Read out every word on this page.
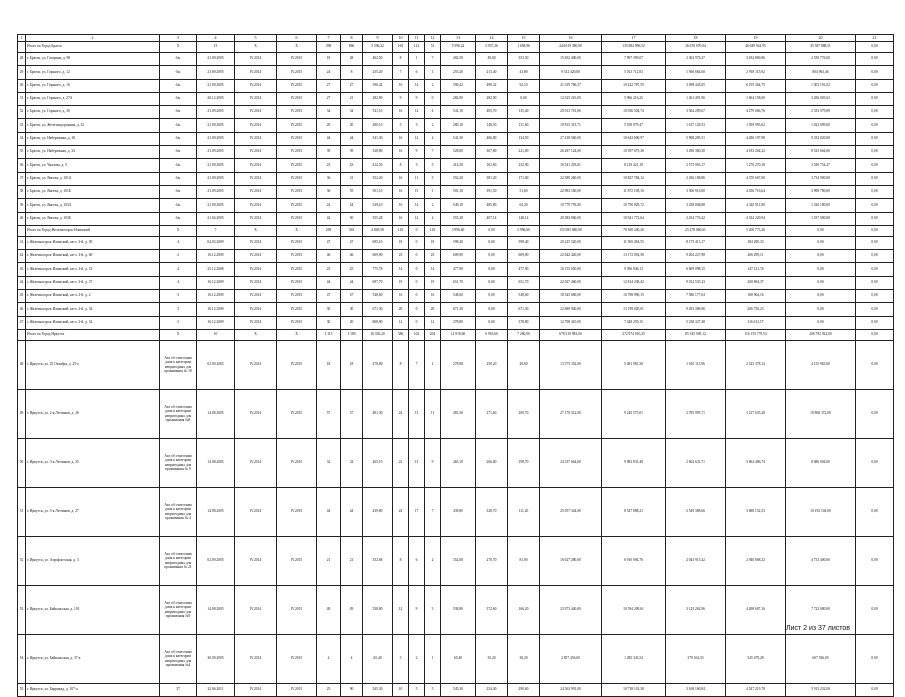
1	2	3	4	5	6	7	8	9	10	11	12	13	14	15	16	17	18	19	20	21
	Итого по Город Братск	X	13	X	X	398	866	5 596,22	165	112	51	5 596,22	3 937,26	1 658,96	244 619 380,00	135 884 996,52	36 676 670,04	46 649 924,95	45 387 888,51	0,00
28	г. Братск, ул. Гагарина, д. 98	б/н	21.09.2005	IV.2014	IV.2015	18	28	402,50	8	1	7	402,50	49,00	353,50	15 652 400,00	7 997 399,07	2 302 976,37	3 182 869,86	2 539 776,00	0,00
29	г. Братск, ул. Горького, д. 12	б/н	21.09.2005	IV.2014	IV.2015	24	8	255,20	7	6	1	255,20	213,40	41,80	9 312 420,00	5 013 712,03	1 566 664,60	2 918 115,92	804 963,46	0,00
30	г. Братск, ул. Горького, д. 16	б/н	21.09.2005	IV.2014	IV.2015	27	27	590,42	16	14	2	590,42	498,32	92,10	21 019 786,37	10 422 787,55	3 098 443,05	6 195 364,75	1 303 191,02	0,00
31	г. Братск, ул. Горького, д. 27А	б/н	20.12.2005	IV.2014	IV.2015	27	21	282,90	9	9	0	282,90	282,90	0,00	12 325 216,00	5 966 216,25	1 261 491,96	1 664 158,69	3 456 003,63	0,00
32	г. Братск, ул. Горького, д. 30	б/н	21.09.2005	IV.2014	IV.2015	34	34	541,10	16	12	4	541,10	405,70	135,40	20 013 761,06	10 036 504,74	3 364 209,67	4 279 066,76	2 333 979,89	0,00
33	г. Братск, ул. Железнодорожная, д. 32	б/н	21.09.2005	IV.2014	IV.2015	20	20	280,10	5	3	2	280,10	148,50	131,60	19 815 313,71	5 109 979,47	1 617 129,53	1 059 993,02	1 023 099,00	0,00
34	г. Братск, ул. Набережная, д. 18	б/н	21.09.2005	IV.2014	IV.2015	44	44	541,30	16	12	4	541,30	406,80	134,50	27 418 560,00	10 643 600,97	5 908 285,51	4 286 197,98	9 332 020,00	0,00
35	г. Братск, ул. Набережная, д. 34	б/н	21.09.2005	IV.2014	IV.2015	39	39	528,80	16	9	7	528,80	307,80	221,00	26 287 124,00	10 397 675,38	3 290 360,30	4 183 264,32	8 525 664,00	0,00
36	г. Братск, ул. Чкалова, д. 5	б/н	21.09.2005	IV.2014	IV.2015	23	23	414,50	8	3	5	414,50	161,60	252,90	16 541 293,01	8 129 421,19	2 573 963,17	1 276 270,18	3 549 754,27	0,00
37	г. Братск, ул. Янгеля, д. 101А	б/н	21.09.2005	IV.2014	IV.2015	36	31	552,20	16	11	5	552,20	381,20	171,00	22 389 260,00	10 827 784,12	3 456 108,86	4 370 667,00	3 734 900,00	0,00
38	г. Братск, ул. Янгеля, д. 101Б	б/н	21.09.2005	IV.2014	IV.2015	36	55	501,10	16	15	1	501,10	391,50	51,60	22 983 160,00	11 872 108,16	3 306 916,00	4 456 716,64	3 998 780,00	0,00
39	г. Братск, ул. Янгеля, д. 103А	б/н	21.09.2005	IV.2014	IV.2015	24	24	549,10	16	14	2	549,10	485,80	63,30	19 779 793,00	10 790 829,72	3 438 808,88	4 345 911,80	1 320 180,00	0,00
40	г. Братск, ул. Янгеля, д. 103Б	б/н	21.04.2005	IV.2014	IV.2015	42	50	555,28	16	12	4	555,28	407,14	148,14	20 383 060,00	10 941 772,64	3 434 776,42	4 334 220,94	1 537 900,00	0,00
	Итого по Город Железногорск-Илимский	X	7	X	X	269	363	4 849,58	110	0	110	3 996,60	0,00	3 996,60	155 085 080,00	78 568 240,26	25 278 060,61	5 200 773,26	0,00	0,00
41	г. Железногорск-Илимский, кв-л. 3-й, д. 39	4	04.03.2009	IV.2014	IV.2015	47	47	695,10	18	0	18	598,40	0,00	598,40	20 225 520,00	11 569 284,55	8 175 413,17	184 290,33	0,00	0,00
42	г. Железногорск-Илимский, кв-л. 3-й, д. 60	2	16.12.2009	IV.2014	IV.2015	46	46	609,90	23	0	23	609,90	0,00	609,90	22 642 420,00	13 172 092,58	9 264 227,98	206 299,11	0,00	0,00
43	г. Железногорск-Илимский, кв-л. 3-й, д. 31	4	25.12.2008	IV.2014	IV.2015	25	25	775,78	14	0	14	477,90	0,00	477,90	16 155 650,00	9 396 846,13	6 609 098,15	147 131,76	0,00	0,00
44	г. Железногорск-Илимский, кв-л. 3-й, д. 37	4	16.12.2009	IV.2014	IV.2015	44	44	697,70	19	0	19	651,70	0,00	651,70	22 027 460,00	12 814 238,42	9 012 535,23	200 694,37	0,00	0,00
45	г. Железногорск-Илимский, кв-л. 2-й, д. 2	3	16.12.2009	IV.2014	IV.2015	47	47	548,60	16	0	16	548,60	0,00	548,60	18 545 680,00	10 788 990,15	7 586 177,04	168 964,16	0,00	0,00
46	г. Железногорск-Илимский, кв-л. 2-й, д. 34	3	16.12.2009	IV.2014	IV.2015	30	30	671,30	20	0	20	671,30	0,00	671,30	22 689 940,00	13 199 620,01	9 283 386,96	206 750,23	0,00	0,00
47	г. Железногорск-Илимский, кв-л. 2-й, д. 32	3	16.12.2009	IV.2014	IV.2015	30	20	808,90	12	0	12	378,80	0,00	378,80	12 798 410,00	7 448 259,15	5 238 327,48	116 612,57	0,00	0,00
	Итого по Город Иркутск	X	10	X	X	1 115	1 180	16 336,20	386	102	204	12 918,60	6 918,60	7 260,00	678 319 983,00	272 974 010,25	85 345 949,12	116 135 770,53	206 792 922,00	0,00
48	г. Иркутск, ул. 25 Октября, д. 25-а	Акт об отнесении дома к категории непригодных для проживания № 18	02.09.2005	IV.2014	IV.2015	18	18	278,80	8	7	1	278,80	250,20	28,60	13 575 352,00	5 481 981,50	1 610 115,96	2 325 378,14	4 155 963,00	0,00
49	г. Иркутск, ул. 2-я Летчиков, д. 26	Акт об отнесении дома к категории непригодных для проживания №8	14.08.2005	IV.2014	IV.2015	57	57	481,30	24	13	11	481,30	271,60	209,70	27 170 312,00	9 220 575,01	2 785 995,71	3 217 635,28	10 868 372,00	0,00
50	г. Иркутск, ул. 3-я Летчиков, д. 25	Акт об отнесении дома к категории непригодных для проживания № 9	14.08.2005	IV.2014	IV.2015	32	32	465,10	22	13	9	465,10	266,00	198,70	24 337 664,00	9 083 831,48	2 604 631,71	3 862 486,74	8 686 004,00	0,00
51	г. Иркутск, ул. 3-я Летчиков, д. 27	Акт об отнесении дома к категории непригодных для проживания № 4	14.08.2005	IV.2014	IV.2015	44	44	439,80	24	17	7	439,80	328,70	111,20	25 057 344,00	8 547 888,21	2 549 388,66	3 688 152,53	10 192 104,00	0,00
52	г. Иркутск, ул. Аэрофлотская, д. 3	Акт об отнесении дома к категории непригодных для проживания № 21	02.09.2005	IV.2014	IV.2015	21	21	352,68	8	6	2	352,68	270,70	81,90	16 627 280,00	6 910 094,76	2 043 915,42	2 940 868,32	4 733 400,00	0,00
53	г. Иркутск, ул. Байкальская, д. 101	Акт об отнесении дома к категории непригодных для проживания №9	14.08.2005	IV.2014	IV.2015	49	49	538,80	12	9	3	538,80	372,60	166,20	23 973 440,00	10 594 209,61	3 125 262,96	4 498 687,16	7 722 080,00	0,00
54	г. Иркутск, ул. Байкальская, д. 37-а	Акт об отнесении дома к категории непригодных для проживания №4	30.09.2005	IV.2014	IV.2015	4	4	65,40	3	2	1	65,40	35,20	30,20	2 857 456,00	1 285 343,54	379 104,33	545 479,28	607 536,00	0,00
55	г. Иркутск, ул. Баррикад, д. 107-а	37	22.06.2011	IV.2014	IV.2015	25	90	545,30	10	5	5	545,30	254,40	290,60	24 563 991,00	10 738 143,38	3 168 160,84	4 547 219,78	5 915 232,00	0,00
Лист 2 из 37 листов
